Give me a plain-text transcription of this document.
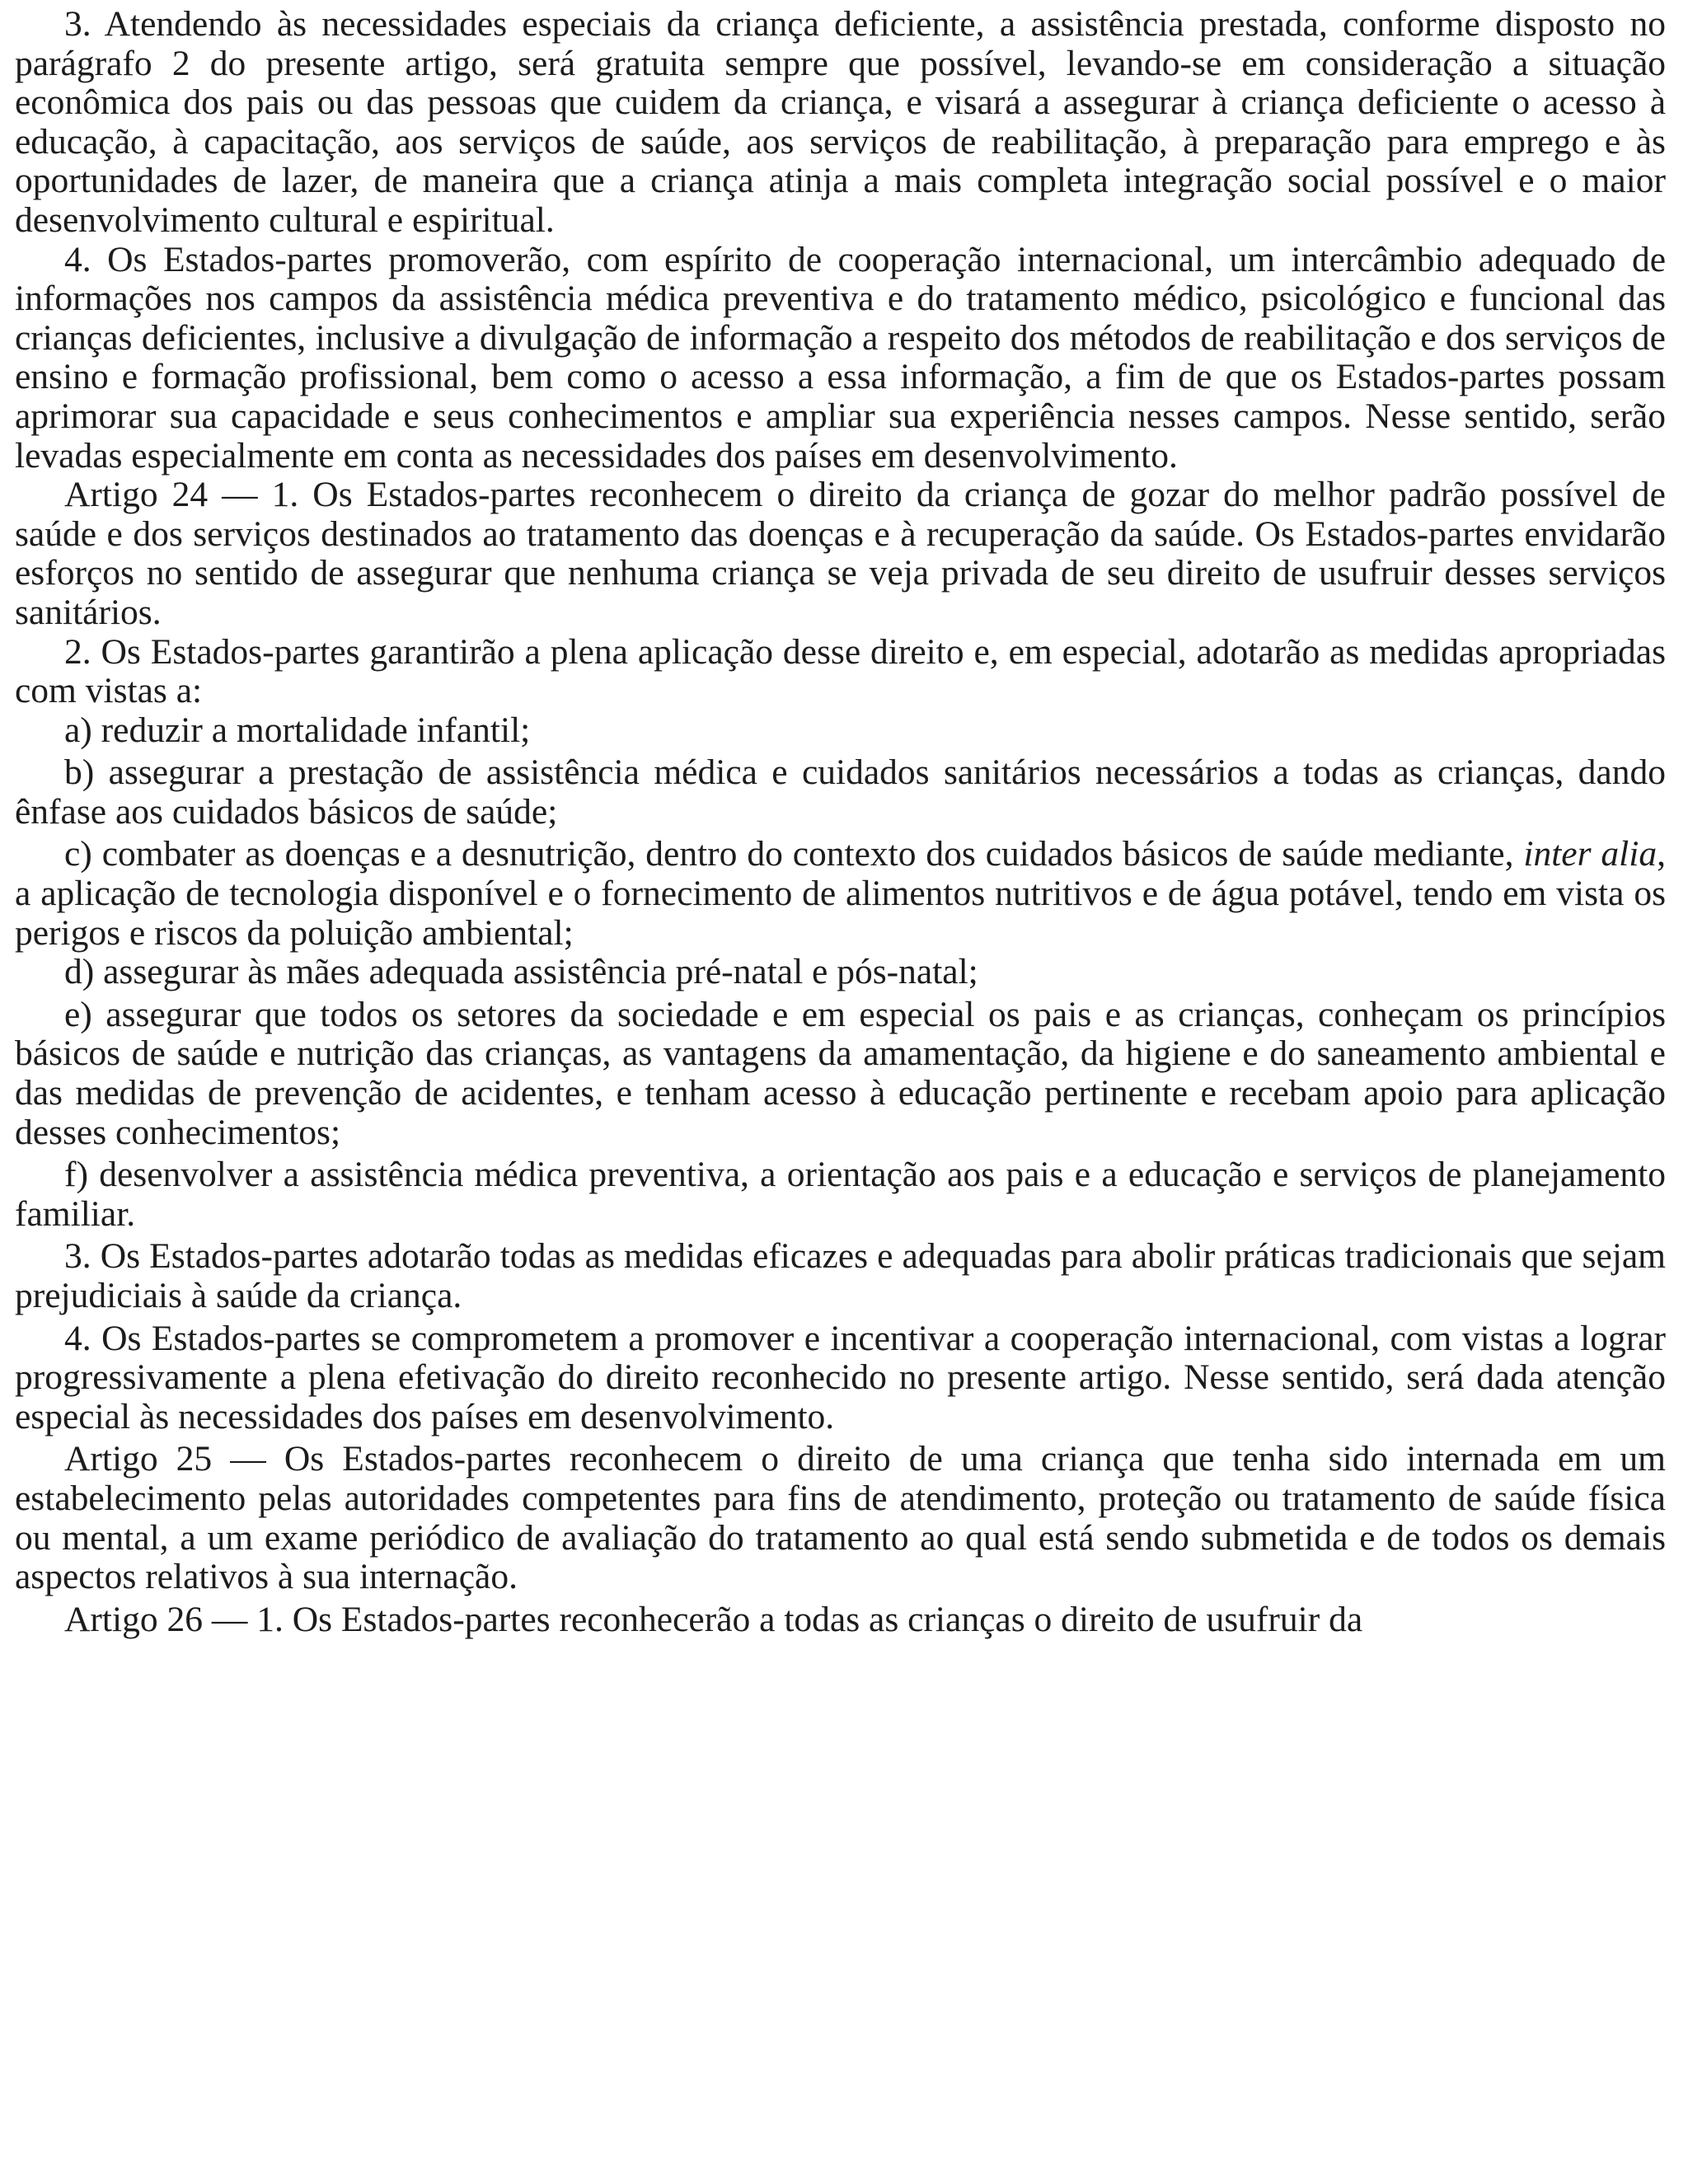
3. Atendendo às necessidades especiais da criança deficiente, a assistência prestada, conforme disposto no parágrafo 2 do presente artigo, será gratuita sempre que possível, levando-se em consideração a situação econômica dos pais ou das pessoas que cuidem da criança, e visará a assegurar à criança deficiente o acesso à educação, à capacitação, aos serviços de saúde, aos serviços de reabilitação, à preparação para emprego e às oportunidades de lazer, de maneira que a criança atinja a mais completa integração social possível e o maior desenvolvimento cultural e espiritual.

4. Os Estados-partes promoverão, com espírito de cooperação internacional, um intercâmbio adequado de informações nos campos da assistência médica preventiva e do tratamento médico, psicológico e funcional das crianças deficientes, inclusive a divulgação de informação a respeito dos métodos de reabilitação e dos serviços de ensino e formação profissional, bem como o acesso a essa informação, a fim de que os Estados-partes possam aprimorar sua capacidade e seus conhecimentos e ampliar sua experiência nesses campos. Nesse sentido, serão levadas especialmente em conta as necessidades dos países em desenvolvimento.

Artigo 24 — 1. Os Estados-partes reconhecem o direito da criança de gozar do melhor padrão possível de saúde e dos serviços destinados ao tratamento das doenças e à recuperação da saúde. Os Estados-partes envidarão esforços no sentido de assegurar que nenhuma criança se veja privada de seu direito de usufruir desses serviços sanitários.

2. Os Estados-partes garantirão a plena aplicação desse direito e, em especial, adotarão as medidas apropriadas com vistas a:

a) reduzir a mortalidade infantil;

b) assegurar a prestação de assistência médica e cuidados sanitários necessários a todas as crianças, dando ênfase aos cuidados básicos de saúde;

c) combater as doenças e a desnutrição, dentro do contexto dos cuidados básicos de saúde mediante, inter alia, a aplicação de tecnologia disponível e o fornecimento de alimentos nutritivos e de água potável, tendo em vista os perigos e riscos da poluição ambiental;

d) assegurar às mães adequada assistência pré-natal e pós-natal;

e) assegurar que todos os setores da sociedade e em especial os pais e as crianças, conheçam os princípios básicos de saúde e nutrição das crianças, as vantagens da amamentação, da higiene e do saneamento ambiental e das medidas de prevenção de acidentes, e tenham acesso à educação pertinente e recebam apoio para aplicação desses conhecimentos;

f) desenvolver a assistência médica preventiva, a orientação aos pais e a educação e serviços de planejamento familiar.

3. Os Estados-partes adotarão todas as medidas eficazes e adequadas para abolir práticas tradicionais que sejam prejudiciais à saúde da criança.

4. Os Estados-partes se comprometem a promover e incentivar a cooperação internacional, com vistas a lograr progressivamente a plena efetivação do direito reconhecido no presente artigo. Nesse sentido, será dada atenção especial às necessidades dos países em desenvolvimento.

Artigo 25 — Os Estados-partes reconhecem o direito de uma criança que tenha sido internada em um estabelecimento pelas autoridades competentes para fins de atendimento, proteção ou tratamento de saúde física ou mental, a um exame periódico de avaliação do tratamento ao qual está sendo submetida e de todos os demais aspectos relativos à sua internação.

Artigo 26 — 1. Os Estados-partes reconhecerão a todas as crianças o direito de usufruir da
